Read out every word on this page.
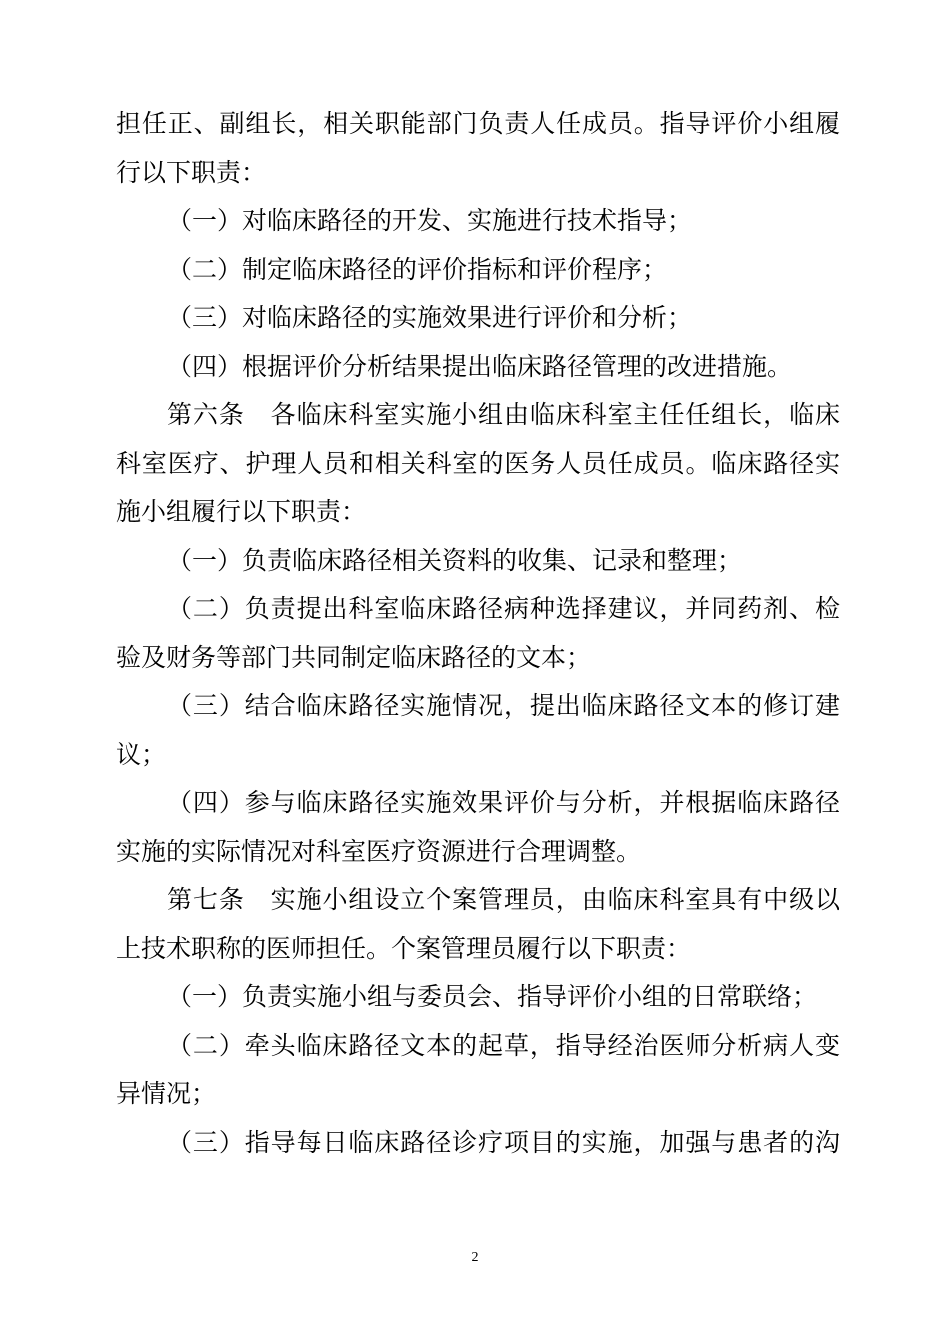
担任正、副组长，相关职能部门负责人任成员。指导评价小组履
行以下职责：
（一）对临床路径的开发、实施进行技术指导；
（二）制定临床路径的评价指标和评价程序；
（三）对临床路径的实施效果进行评价和分析；
（四）根据评价分析结果提出临床路径管理的改进措施。
第六条　各临床科室实施小组由临床科室主任任组长，临床
科室医疗、护理人员和相关科室的医务人员任成员。临床路径实
施小组履行以下职责：
（一）负责临床路径相关资料的收集、记录和整理；
（二）负责提出科室临床路径病种选择建议，并同药剂、检
验及财务等部门共同制定临床路径的文本；
（三）结合临床路径实施情况，提出临床路径文本的修订建
议；
（四）参与临床路径实施效果评价与分析，并根据临床路径
实施的实际情况对科室医疗资源进行合理调整。
第七条　实施小组设立个案管理员，由临床科室具有中级以
上技术职称的医师担任。个案管理员履行以下职责：
（一）负责实施小组与委员会、指导评价小组的日常联络；
（二）牵头临床路径文本的起草，指导经治医师分析病人变
异情况；
（三）指导每日临床路径诊疗项目的实施，加强与患者的沟
2
